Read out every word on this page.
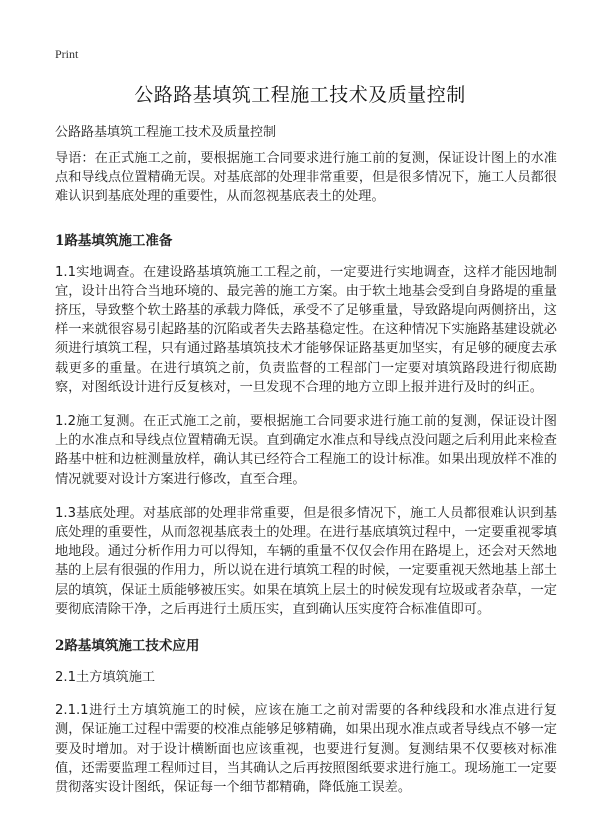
Print
公路路基填筑工程施工技术及质量控制
公路路基填筑工程施工技术及质量控制

导语：在正式施工之前，要根据施工合同要求进行施工前的复测，保证设计图上的水准点和导线点位置精确无误。对基底部的处理非常重要，但是很多情况下，施工人员都很难认识到基底处理的重要性，从而忽视基底表土的处理。

1路基填筑施工准备

1.1实地调查。在建设路基填筑施工工程之前，一定要进行实地调查，这样才能因地制宜，设计出符合当地环境的、最完善的施工方案。由于软土地基会受到自身路堤的重量挤压，导致整个软土路基的承载力降低，承受不了足够重量，导致路堤向两侧挤出，这样一来就很容易引起路基的沉陷或者失去路基稳定性。在这种情况下实施路基建设就必须进行填筑工程，只有通过路基填筑技术才能够保证路基更加坚实，有足够的硬度去承载更多的重量。在进行填筑之前，负责监督的工程部门一定要对填筑路段进行彻底勘察，对图纸设计进行反复核对，一旦发现不合理的地方立即上报并进行及时的纠正。

1.2施工复测。在正式施工之前，要根据施工合同要求进行施工前的复测，保证设计图上的水准点和导线点位置精确无误。直到确定水准点和导线点没问题之后利用此来检查路基中桩和边桩测量放样，确认其已经符合工程施工的设计标准。如果出现放样不准的情况就要对设计方案进行修改，直至合理。

1.3基底处理。对基底部的处理非常重要，但是很多情况下，施工人员都很难认识到基底处理的重要性，从而忽视基底表土的处理。在进行基底填筑过程中，一定要重视零填地地段。通过分析作用力可以得知，车辆的重量不仅仅会作用在路堤上，还会对天然地基的上层有很强的作用力，所以说在进行填筑工程的时候，一定要重视天然地基上部土层的填筑，保证土质能够被压实。如果在填筑上层土的时候发现有垃圾或者杂草，一定要彻底清除干净，之后再进行土质压实，直到确认压实度符合标准值即可。

2路基填筑施工技术应用

2.1土方填筑施工

2.1.1进行土方填筑施工的时候，应该在施工之前对需要的各种线段和水准点进行复测，保证施工过程中需要的校准点能够足够精确，如果出现水准点或者导线点不够一定要及时增加。对于设计横断面也应该重视，也要进行复测。复测结果不仅要核对标准值，还需要监理工程师过目，当其确认之后再按照图纸要求进行施工。现场施工一定要贯彻落实设计图纸，保证每一个细节都精确，降低施工误差。
